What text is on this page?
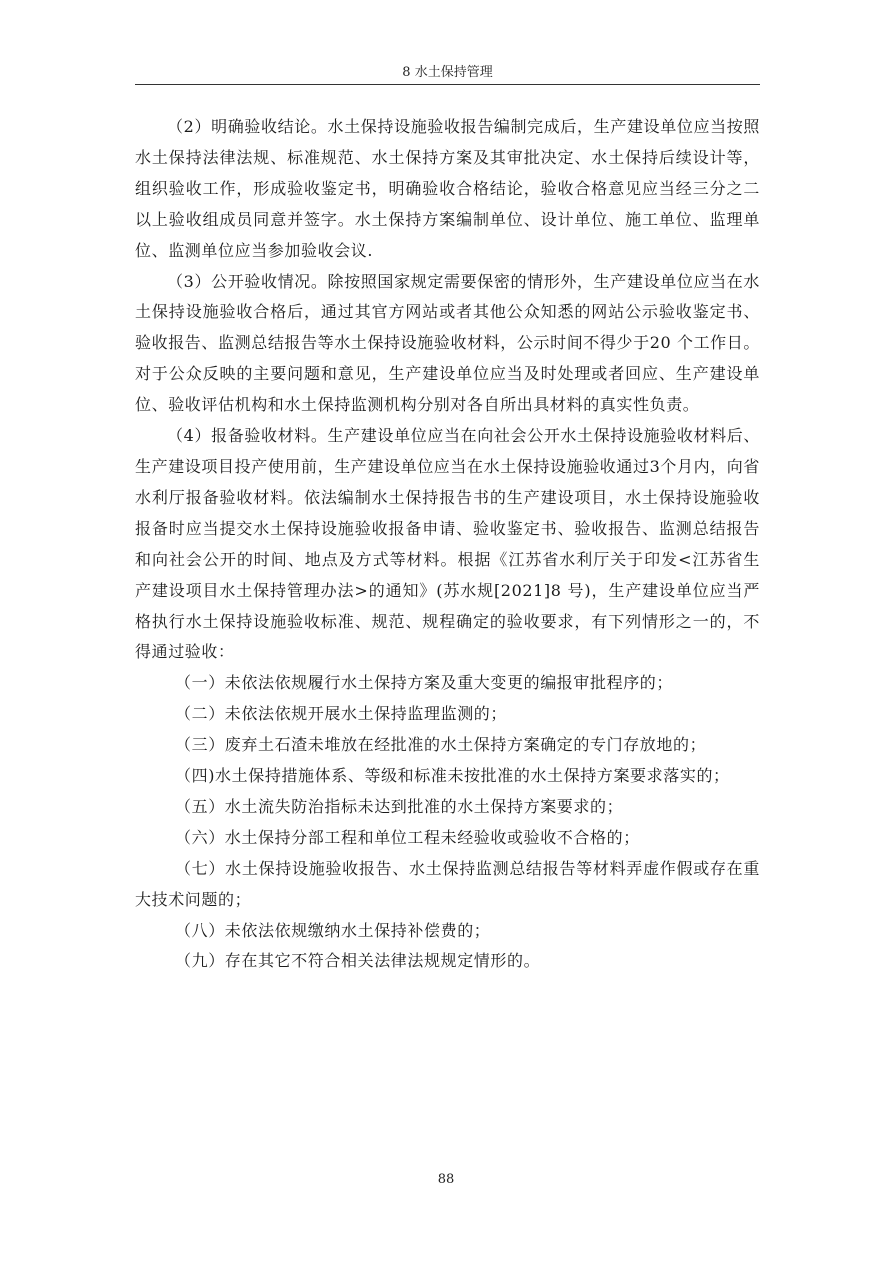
8 水土保持管理

（2）明确验收结论。水土保持设施验收报告编制完成后，生产建设单位应当按照水土保持法律法规、标准规范、水土保持方案及其审批决定、水土保持后续设计等，组织验收工作，形成验收鉴定书，明确验收合格结论，验收合格意见应当经三分之二以上验收组成员同意并签字。水土保持方案编制单位、设计单位、施工单位、监理单位、监测单位应当参加验收会议.

（3）公开验收情况。除按照国家规定需要保密的情形外，生产建设单位应当在水土保持设施验收合格后，通过其官方网站或者其他公众知悉的网站公示验收鉴定书、验收报告、监测总结报告等水土保持设施验收材料，公示时间不得少于20 个工作日。对于公众反映的主要问题和意见，生产建设单位应当及时处理或者回应、生产建设单位、验收评估机构和水土保持监测机构分别对各自所出具材料的真实性负责。

（4）报备验收材料。生产建设单位应当在向社会公开水土保持设施验收材料后、生产建设项目投产使用前，生产建设单位应当在水土保持设施验收通过3个月内，向省水利厅报备验收材料。依法编制水土保持报告书的生产建设项目，水土保持设施验收报备时应当提交水土保持设施验收报备申请、验收鉴定书、验收报告、监测总结报告和向社会公开的时间、地点及方式等材料。根据《江苏省水利厅关于印发<江苏省生产建设项目水土保持管理办法>的通知》(苏水规[2021]8 号)，生产建设单位应当严格执行水土保持设施验收标准、规范、规程确定的验收要求，有下列情形之一的，不得通过验收：

（一）未依法依规履行水土保持方案及重大变更的编报审批程序的；

（二）未依法依规开展水土保持监理监测的；

（三）废弃土石渣未堆放在经批准的水土保持方案确定的专门存放地的；

（四)水土保持措施体系、等级和标准未按批准的水土保持方案要求落实的；

（五）水土流失防治指标未达到批准的水土保持方案要求的；

（六）水土保持分部工程和单位工程未经验收或验收不合格的；

（七）水土保持设施验收报告、水土保持监测总结报告等材料弄虚作假或存在重大技术问题的；

（八）未依法依规缴纳水土保持补偿费的；

（九）存在其它不符合相关法律法规规定情形的。

88
